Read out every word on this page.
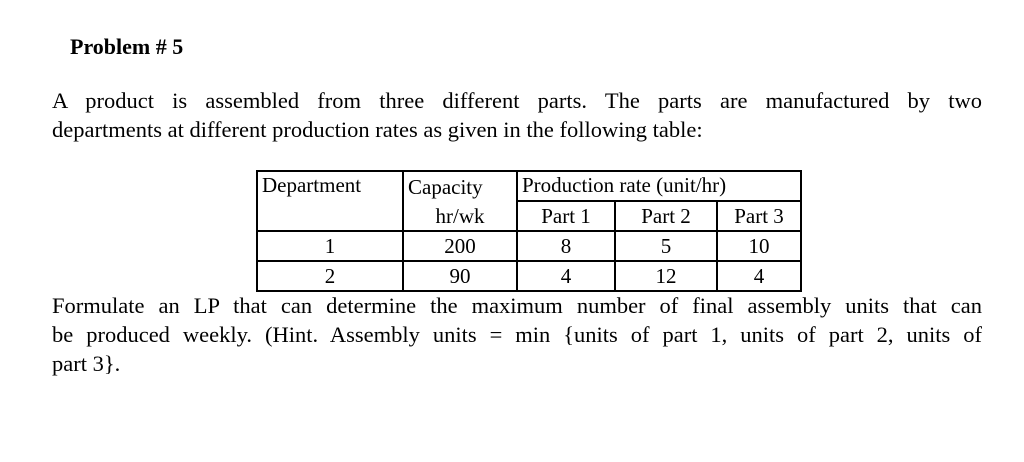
Problem # 5
A product is assembled from three different parts. The parts are manufactured by two
departments at different production rates as given in the following table:
Department	Capacity	Production rate (unit/hr)		
	hr/wk	Part 1	Part 2	Part 3
1	200	8	5	10
2	90	4	12	4
Formulate an LP that can determine the maximum number of final assembly units that can
be produced weekly. (Hint. Assembly units = min {units of part 1, units of part 2, units of
part 3}.
